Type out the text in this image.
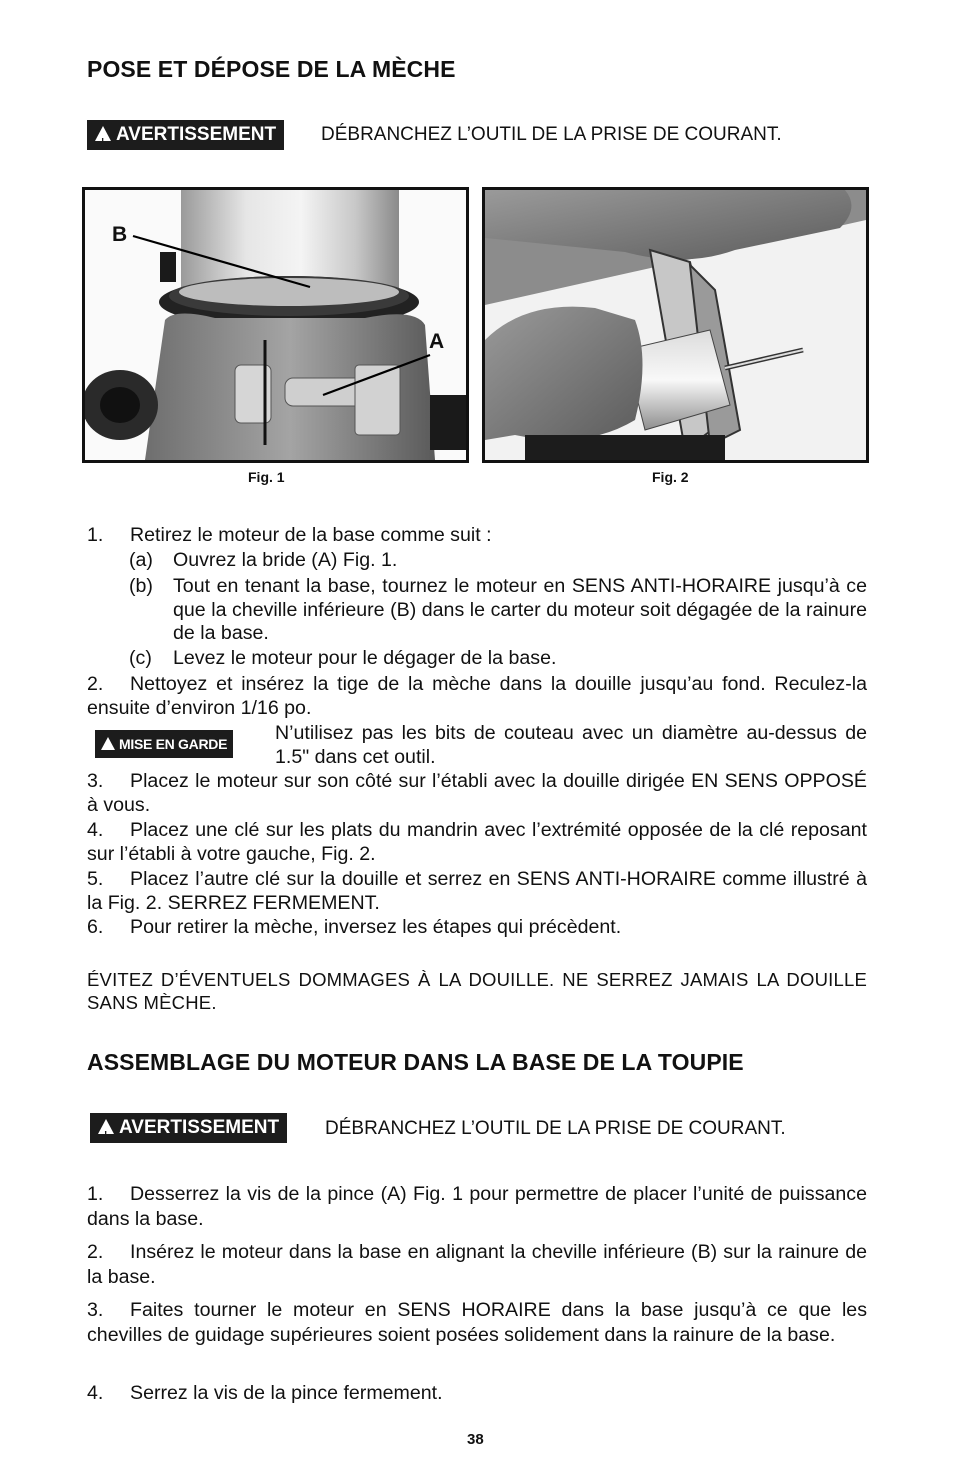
POSE ET DÉPOSE DE LA MÈCHE
!AVERTISSEMENT	DÉBRANCHEZ L’OUTIL DE LA PRISE DE COURANT.
B
A
Fig. 1	Fig. 2
1. Retirez le moteur de la base comme suit :
(a) Ouvrez la bride (A) Fig. 1.
(b) Tout en tenant la base, tournez le moteur en SENS ANTI-HORAIRE jusqu’à ce que la cheville inférieure (B) dans le carter du moteur soit dégagée de la rainure de la base.
(c) Levez le moteur pour le dégager de la base.
2. Nettoyez et insérez la tige de la mèche dans la douille jusqu’au fond. Reculez-la ensuite d’environ 1/16 po.
MISE EN GARDE	N’utilisez pas les bits de couteau avec un diamètre au-dessus de 1.5" dans cet outil.
3. Placez le moteur sur son côté sur l’établi avec la douille dirigée EN SENS OPPOSÉ à vous.
4. Placez une clé sur les plats du mandrin avec l’extrémité opposée de la clé reposant sur l’établi à votre gauche, Fig. 2.
5. Placez l’autre clé sur la douille et serrez en SENS ANTI-HORAIRE comme illustré à la Fig. 2. SERREZ FERMEMENT.
6. Pour retirer la mèche, inversez les étapes qui précèdent.
ÉVITEZ D’ÉVENTUELS DOMMAGES À LA DOUILLE. NE SERREZ JAMAIS LA DOUILLE SANS MÈCHE.
ASSEMBLAGE DU MOTEUR DANS LA BASE DE LA TOUPIE
!AVERTISSEMENT	DÉBRANCHEZ L’OUTIL DE LA PRISE DE COURANT.
1. Desserrez la vis de la pince (A) Fig. 1 pour permettre de placer l’unité de puissance dans la base.
2. Insérez le moteur dans la base en alignant la cheville inférieure (B) sur la rainure de la base.
3. Faites tourner le moteur en SENS HORAIRE dans la base jusqu’à ce que les chevilles de guidage supérieures soient posées solidement dans la rainure de la base.
4. Serrez la vis de la pince fermement.
38
